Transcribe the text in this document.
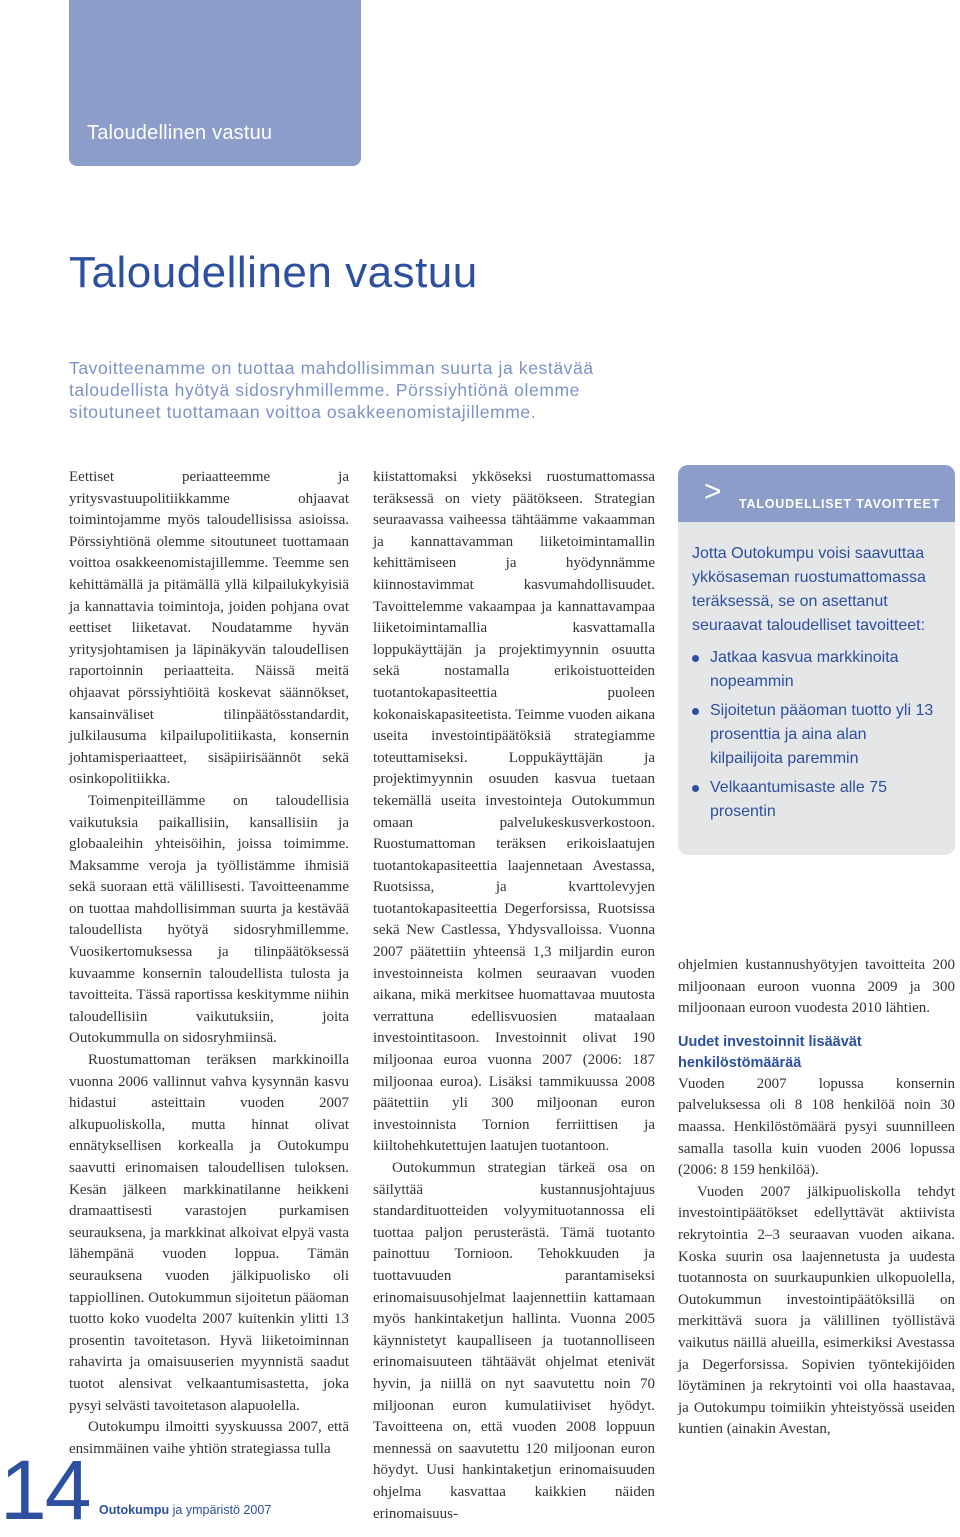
Taloudellinen vastuu
Taloudellinen vastuu

Tavoitteenamme on tuottaa mahdollisimman suurta ja kestävää taloudellista hyötyä sidosryhmillemme. Pörssiyhtiönä olemme sitoutuneet tuottamaan voittoa osakkeenomistajillemme.

Eettiset periaatteemme ja yritysvastuupolitiikkamme ohjaavat toimintojamme myös taloudellisissa asioissa. Pörssiyhtiönä olemme sitoutuneet tuottamaan voittoa osakkeenomistajillemme. Teemme sen kehittämällä ja pitämällä yllä kilpailukykyisiä ja kannattavia toimintoja, joiden pohjana ovat eettiset liiketavat. Noudatamme hyvän yritysjohtamisen ja läpinäkyvän taloudellisen raportoinnin periaatteita. Näissä meitä ohjaavat pörssiyhtiöitä koskevat säännökset, kansainväliset tilinpäätösstandardit, julkilausuma kilpailupolitiikasta, konsernin johtamisperiaatteet, sisäpiirisäännöt sekä osinkopolitiikka.

Toimenpiteillämme on taloudellisia vaikutuksia paikallisiin, kansallisiin ja globaaleihin yhteisöihin, joissa toimimme. Maksamme veroja ja työllistämme ihmisiä sekä suoraan että välillisesti. Tavoitteenamme on tuottaa mahdollisimman suurta ja kestävää taloudellista hyötyä sidosryhmillemme. Vuosikertomuksessa ja tilinpäätöksessä kuvaamme konsernin taloudellista tulosta ja tavoitteita. Tässä raportissa keskitymme niihin taloudellisiin vaikutuksiin, joita Outokummulla on sidosryhmiinsä.

Ruostumattoman teräksen markkinoilla vuonna 2006 vallinnut vahva kysynnän kasvu hidastui asteittain vuoden 2007 alkupuoliskolla, mutta hinnat olivat ennätyksellisen korkealla ja Outokumpu saavutti erinomaisen taloudellisen tuloksen. Kesän jälkeen markkinatilanne heikkeni dramaattisesti varastojen purkamisen seurauksena, ja markkinat alkoivat elpyä vasta lähempänä vuoden loppua. Tämän seurauksena vuoden jälkipuolisko oli tappiollinen. Outokummun sijoitetun pääoman tuotto koko vuodelta 2007 kuitenkin ylitti 13 prosentin tavoitetason. Hyvä liiketoiminnan rahavirta ja omaisuuserien myynnistä saadut tuotot alensivat velkaantumisastetta, joka pysyi selvästi tavoitetason alapuolella.

Outokumpu ilmoitti syyskuussa 2007, että ensimmäinen vaihe yhtiön strategiassa tulla

kiistattomaksi ykköseksi ruostumattomassa teräksessä on viety päätökseen. Strategian seuraavassa vaiheessa tähtäämme vakaamman ja kannattavamman liiketoimintamallin kehittämiseen ja hyödynnämme kiinnostavimmat kasvumahdollisuudet. Tavoittelemme vakaampaa ja kannattavampaa liiketoimintamallia kasvattamalla loppukäyttäjän ja projektimyynnin osuutta sekä nostamalla erikoistuotteiden tuotantokapasiteettia puoleen kokonaiskapasiteetista. Teimme vuoden aikana useita investointipäätöksiä strategiamme toteuttamiseksi. Loppukäyttäjän ja projektimyynnin osuuden kasvua tuetaan tekemällä useita investointeja Outokummun omaan palvelukeskusverkostoon. Ruostumattoman teräksen erikoislaatujen tuotantokapasiteettia laajennetaan Avestassa, Ruotsissa, ja kvarttolevyjen tuotantokapasiteettia Degerforsissa, Ruotsissa sekä New Castlessa, Yhdysvalloissa. Vuonna 2007 päätettiin yhteensä 1,3 miljardin euron investoinneista kolmen seuraavan vuoden aikana, mikä merkitsee huomattavaa muutosta verrattuna edellisvuosien mataalaan investointitasoon. Investoinnit olivat 190 miljoonaa euroa vuonna 2007 (2006: 187 miljoonaa euroa). Lisäksi tammikuussa 2008 päätettiin yli 300 miljoonan euron investoinnista Tornion ferriittisen ja kiiltohehkutettujen laatujen tuotantoon.

Outokummun strategian tärkeä osa on säilyttää kustannusjohtajuus standardituotteiden volyymituotannossa eli tuottaa paljon perusterästä. Tämä tuotanto painottuu Tornioon. Tehokkuuden ja tuottavuuden parantamiseksi erinomaisuusohjelmat laajennettiin kattamaan myös hankintaketjun hallinta. Vuonna 2005 käynnistetyt kaupalliseen ja tuotannolliseen erinomaisuuteen tähtäävät ohjelmat etenivät hyvin, ja niillä on nyt saavutettu noin 70 miljoonan euron kumulatiiviset hyödyt. Tavoitteena on, että vuoden 2008 loppuun mennessä on saavutettu 120 miljoonan euron höydyt. Uusi hankintaketjun erinomaisuuden ohjelma kasvattaa kaikkien näiden erinomaisuus-

> TALOUDELLISET TAVOITTEET

Jotta Outokumpu voisi saavuttaa ykkösaseman ruostumattomassa teräksessä, se on asettanut seuraavat taloudelliset tavoitteet:

Jatkaa kasvua markkinoita nopeammin
Sijoitetun pääoman tuotto yli 13 prosenttia ja aina alan kilpailijoita paremmin
Velkaantumisaste alle 75 prosentin

ohjelmien kustannushyötyjen tavoitteita 200 miljoonaan euroon vuonna 2009 ja 300 miljoonaan euroon vuodesta 2010 lähtien.

Uudet investoinnit lisäävät henkilöstömäärää

Vuoden 2007 lopussa konsernin palveluksessa oli 8 108 henkilöä noin 30 maassa. Henkilöstömäärä pysyi suunnilleen samalla tasolla kuin vuoden 2006 lopussa (2006: 8 159 henkilöä).

Vuoden 2007 jälkipuoliskolla tehdyt investointipäätökset edellyttävät aktiivista rekrytointia 2–3 seuraavan vuoden aikana. Koska suurin osa laajennetusta ja uudesta tuotannosta on suurkaupunkien ulkopuolella, Outokummun investointipäätöksillä on merkittävä suora ja välillinen työllistävä vaikutus näillä alueilla, esimerkiksi Avestassa ja Degerforsissa. Sopivien työntekijöiden löytäminen ja rekrytointi voi olla haastavaa, ja Outokumpu toimiikin yhteistyössä useiden kuntien (ainakin Avestan,

14 Outokumpu ja ympäristö 2007
